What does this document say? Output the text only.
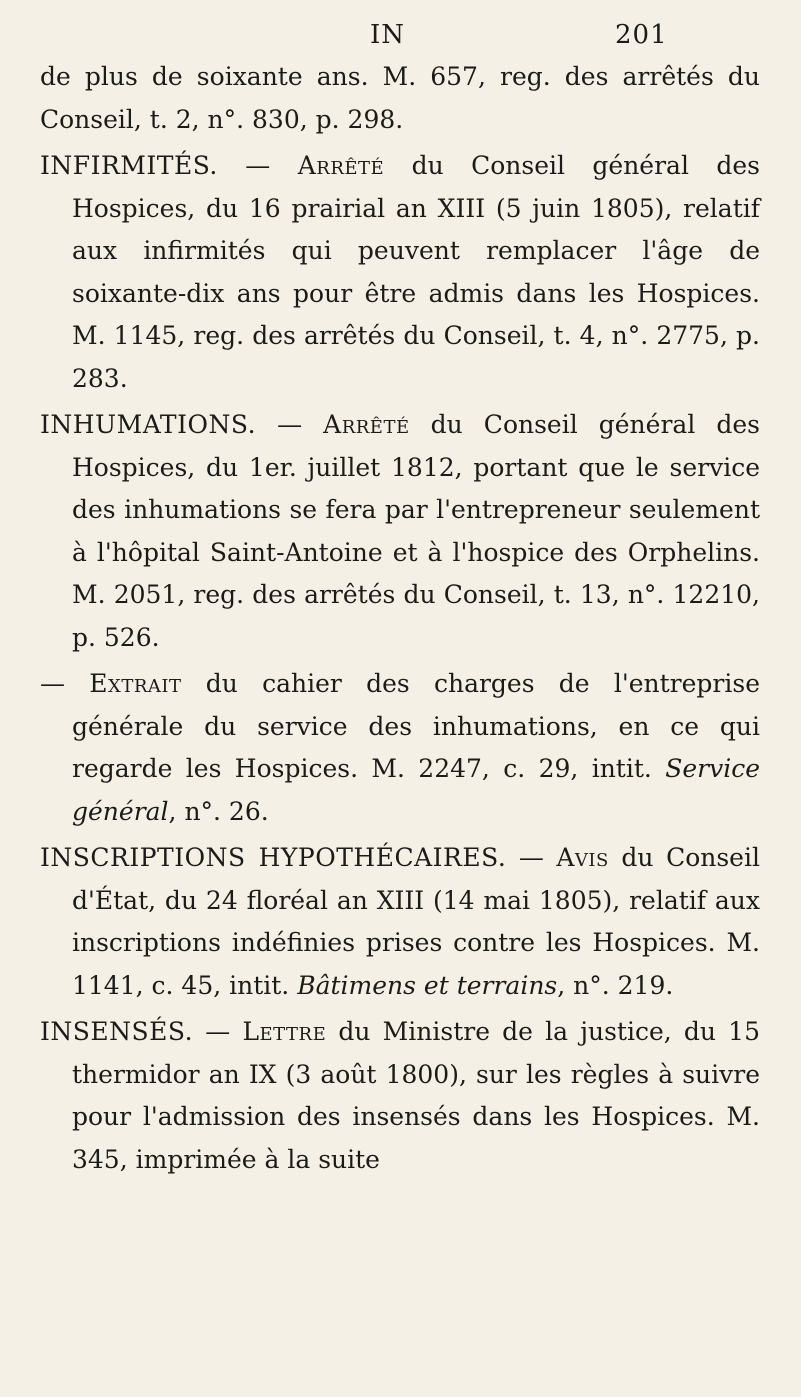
IN	201

de plus de soixante ans. M. 657, reg. des arrêtés du Conseil, t. 2, n°. 830, p. 298.

INFIRMITÉS. — Arrêté du Conseil général des Hospices, du 16 prairial an XIII (5 juin 1805), relatif aux infirmités qui peuvent remplacer l'âge de soixante-dix ans pour être admis dans les Hospices. M. 1145, reg. des arrêtés du Conseil, t. 4, n°. 2775, p. 283.

INHUMATIONS. — Arrêté du Conseil général des Hospices, du 1er. juillet 1812, portant que le service des inhumations se fera par l'entrepreneur seulement à l'hôpital Saint-Antoine et à l'hospice des Orphelins. M. 2051, reg. des arrêtés du Conseil, t. 13, n°. 12210, p. 526.

— Extrait du cahier des charges de l'entreprise générale du service des inhumations, en ce qui regarde les Hospices. M. 2247, c. 29, intit. Service général, n°. 26.

INSCRIPTIONS HYPOTHÉCAIRES. — Avis du Conseil d'État, du 24 floréal an XIII (14 mai 1805), relatif aux inscriptions indéfinies prises contre les Hospices. M. 1141, c. 45, intit. Bâtimens et terrains, n°. 219.

INSENSÉS. — Lettre du Ministre de la justice, du 15 thermidor an IX (3 août 1800), sur les règles à suivre pour l'admission des insensés dans les Hospices. M. 345, imprimée à la suite
